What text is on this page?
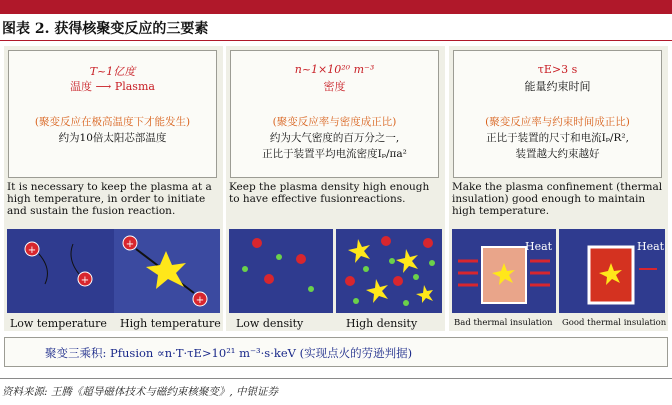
图表 2. 获得核聚变反应的三要素
T~1亿度
温度 ⟶ Plasma
(聚变反应在极高温度下才能发生)
约为10倍太阳芯部温度
It is necessary to keep the plasma at a high temperature, in order to initiate and sustain the fusion reaction.
+
+
+
+
Low temperature High temperature
n~1×10²⁰ m⁻³
密度
(聚变反应率与密度成正比)
约为大气密度的百万分之一,
正比于装置平均电流密度Iₚ/πa²
Keep the plasma density high enough to have effective fusionreactions.
Low density	High density
τE>3 s
能量约束时间
(聚变反应率与约束时间成正比)
正比于装置的尺寸和电流Iₚ/R²,
装置越大约束越好
Make the plasma confinement (thermal insulation) good enough to maintain high temperature.
Heat	Heat
Bad thermal insulation Good thermal insulation
聚变三乘积: Pfusion ∝n·T·τE>10²¹ m⁻³·s·keV (实现点火的劳逊判据)
资料来源: 王腾《超导磁体技术与磁约束核聚变》, 中银证券
